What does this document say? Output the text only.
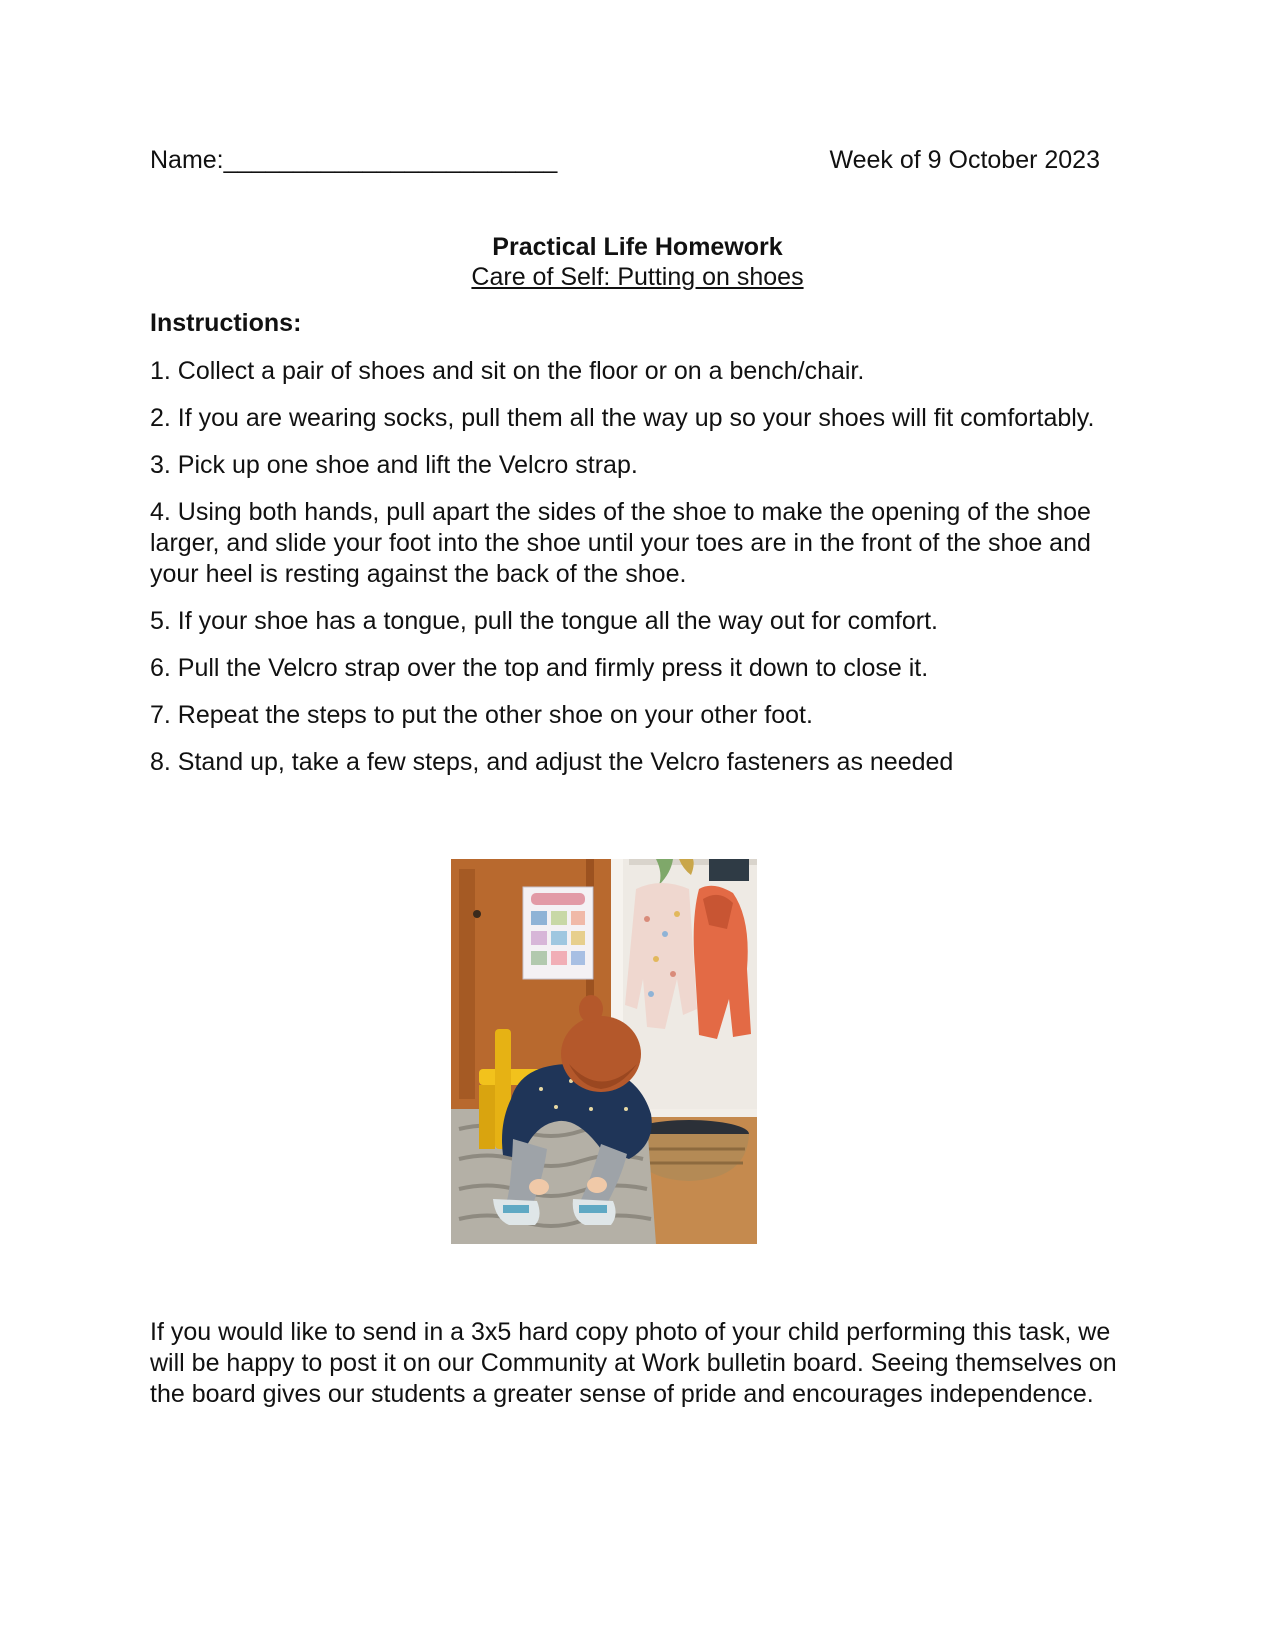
Name:________________________	Week of 9 October 2023
Practical Life Homework
Care of Self: Putting on shoes
Instructions:

1. Collect a pair of shoes and sit on the floor or on a bench/chair.

2. If you are wearing socks, pull them all the way up so your shoes will fit comfortably.

3. Pick up one shoe and lift the Velcro strap.

4. Using both hands, pull apart the sides of the shoe to make the opening of the shoe larger, and slide your foot into the shoe until your toes are in the front of the shoe and your heel is resting against the back of the shoe.

5. If your shoe has a tongue, pull the tongue all the way out for comfort.

6. Pull the Velcro strap over the top and firmly press it down to close it.

7. Repeat the steps to put the other shoe on your other foot.

8. Stand up, take a few steps, and adjust the Velcro fasteners as needed

If you would like to send in a 3x5 hard copy photo of your child performing this task, we will be happy to post it on our Community at Work bulletin board. Seeing themselves on the board gives our students a greater sense of pride and encourages independence.
